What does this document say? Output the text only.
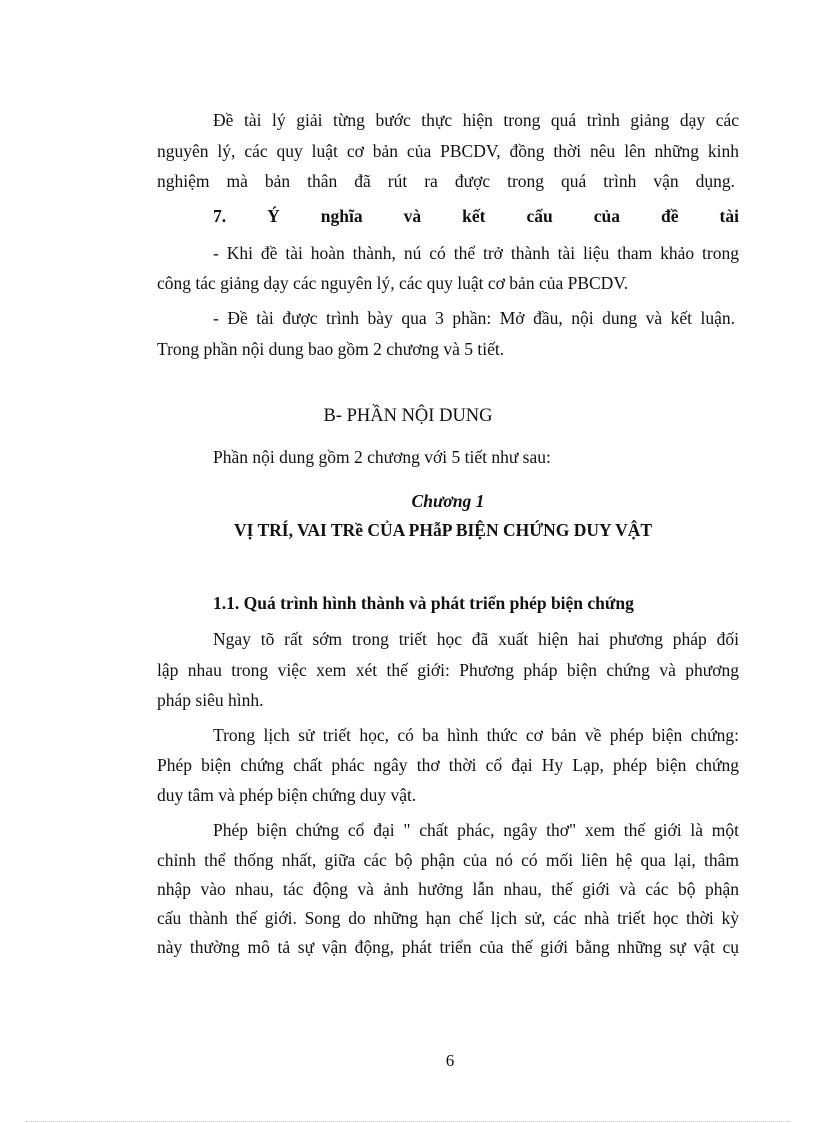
Đề tài lý giải từng bước thực hiện trong quá trình giảng dạy các
nguyên lý, các quy luật cơ bản của PBCDV, đồng thời nêu lên những kinh
nghiệm mà bản thân đã rút ra được trong quá trình vận dụng.
7. Ý nghĩa và kết cấu của đề tài
- Khi đề tài hoàn thành, nú có thể trở thành tài liệu tham khảo trong
công tác giảng dạy các nguyên lý, các quy luật cơ bản của PBCDV.
- Đề tài được trình bày qua 3 phần: Mở đầu, nội dung và kết luận.
Trong phần nội dung bao gồm 2 chương và 5 tiết.
B- PHẦN NỘI DUNG
Phần nội dung gồm 2 chương với 5 tiết như sau:
Chương 1
VỊ TRÍ, VAI TRề CỦA PHẫP BIỆN CHỨNG DUY VẬT
1.1. Quá trình hình thành và phát triển phép biện chứng
Ngay tõ rất sớm trong triết học đã xuất hiện hai phương pháp đối
lập nhau trong việc xem xét thế giới: Phương pháp biện chứng và phương
pháp siêu hình.
Trong lịch sử triết học, có ba hình thức cơ bản về phép biện chứng:
Phép biện chứng chất phác ngây thơ thời cổ đại Hy Lạp, phép biện chứng
duy tâm và phép biện chứng duy vật.
Phép biện chứng cổ đại " chất phác, ngây thơ" xem thế giới là một
chỉnh thể thống nhất, giữa các bộ phận của nó có mối liên hệ qua lại, thâm
nhập vào nhau, tác động và ảnh hưởng lẫn nhau, thế giới và các bộ phận
cấu thành thế giới. Song do những hạn chế lịch sử, các nhà triết học thời kỳ
này thường mô tả sự vận động, phát triển của thế giới bằng những sự vật cụ
6
